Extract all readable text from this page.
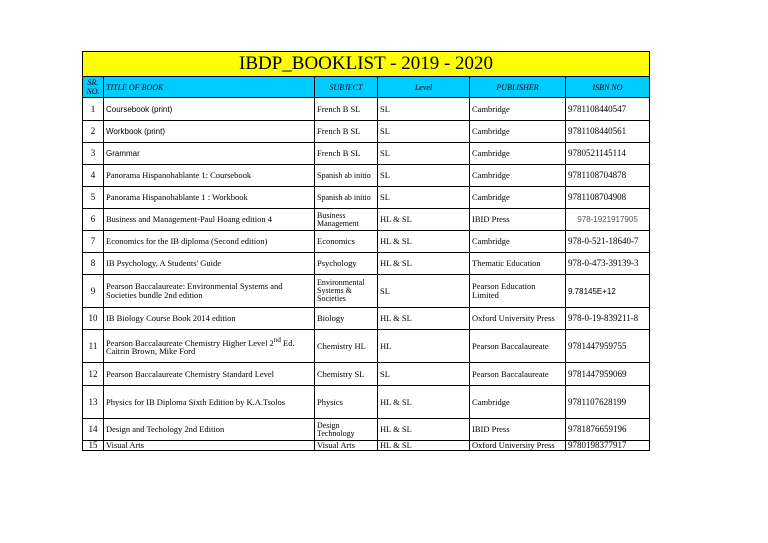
IBDP_BOOKLIST - 2019 - 2020					
SR. NO.	TITLE OF BOOK	SUBJECT	Level	PUBLISHER	ISBN NO
1	Coursebook (print)	French B SL	SL	Cambridge	9781108440547
2	Workbook (print)	French B SL	SL	Cambridge	9781108440561
3	Grammar	French B SL	SL	Cambridge	9780521145114
4	Panorama Hispanohablante 1: Coursebook	Spanish ab initio	SL	Cambridge	9781108704878
5	Panorama Hispanohablante 1 : Workbook	Spanish ab initio	SL	Cambridge	9781108704908
6	Business and Management-Paul Hoang edition 4	Business Management	HL & SL	IBID Press	978-1921917905
7	Economics for the IB diploma (Second edition)	Economics	HL & SL	Cambridge	978-0-521-18640-7
8	IB Psychology, A Students' Guide	Psychology	HL & SL	Thematic Education	978-0-473-39139-3
9	Pearson Baccalaureate: Environmental Systems and Societies bundle 2nd edition	Environmental Systems & Societies	SL	Pearson Education Limited	9.78145E+12
10	IB Biology Course Book 2014 edition	Biology	HL & SL	Oxford University Press	978-0-19-839211-8
11	Pearson Baccalaureate Chemistry Higher Level 2nd Ed. Caitrin Brown, Mike Ford	Chemistry HL	HL	Pearson Baccalaureate	9781447959755
12	Pearson Baccalaureate Chemistry Standard Level	Chemistry SL	SL	Pearson Baccalaureate	9781447959069
13	Physics for IB Diploma Sixth Edition by K.A.Tsolos	Physics	HL & SL	Cambridge	9781107628199
14	Design and Techology 2nd Edition	Design Technology	HL & SL	IBID Press	9781876659196
15	Visual Arts	Visual Arts	HL & SL	Oxford University Press	9780198377917
